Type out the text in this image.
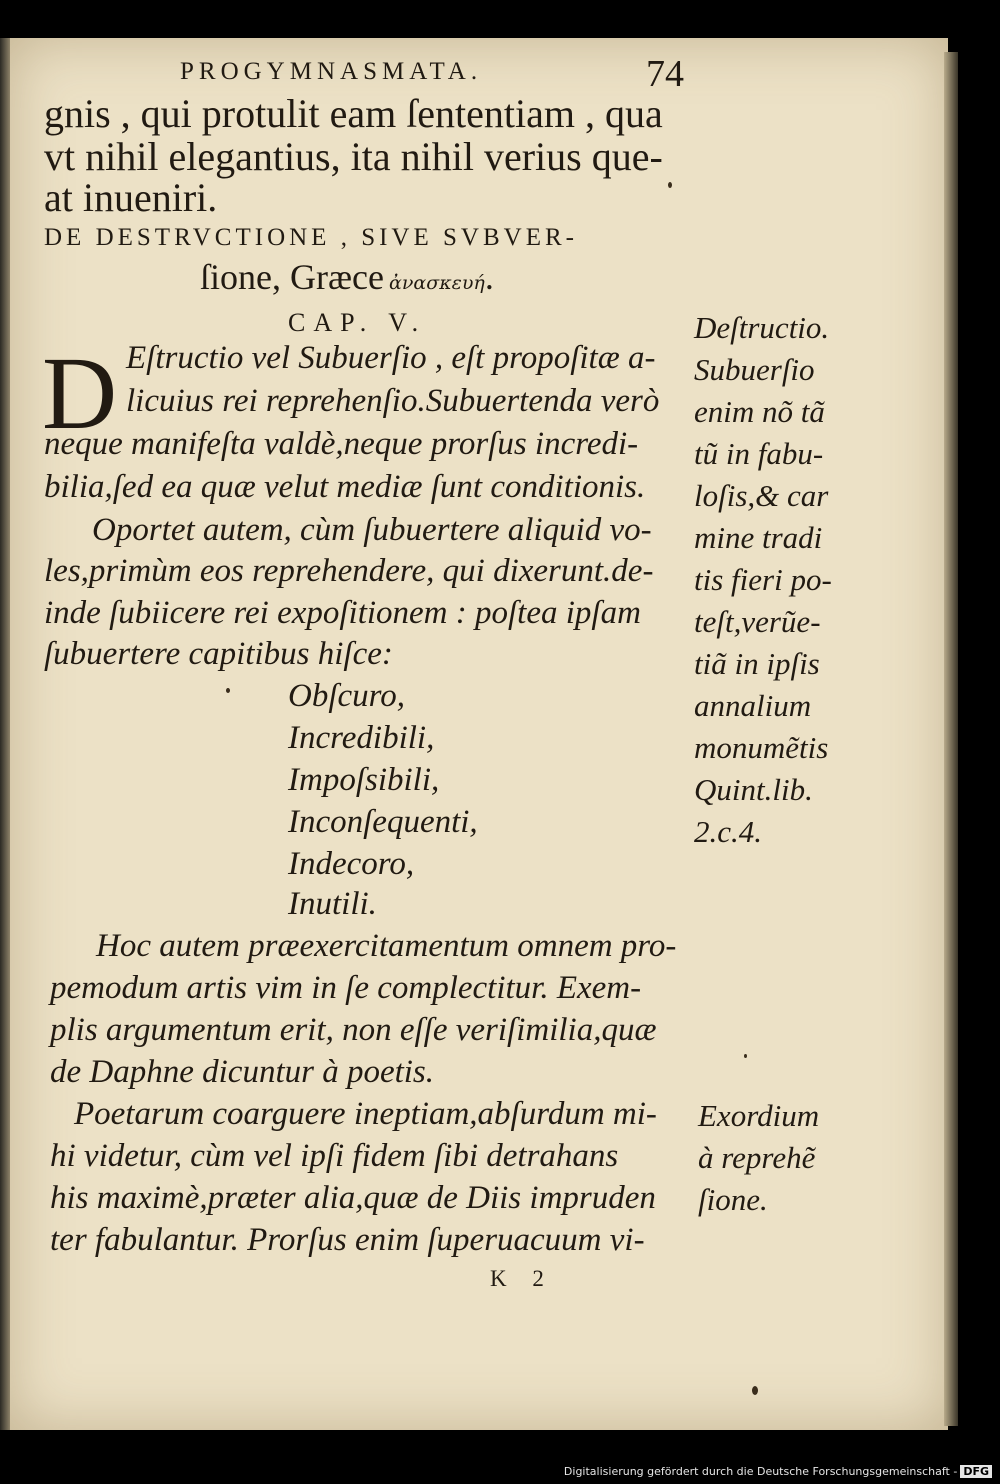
PROGYMNASMATA.	74
gnis , qui protulit eam ſententiam , qua
vt nihil elegantius, ita nihil verius que-
at inueniri.
DE DESTRVCTIONE , SIVE SVBVER-
ſione, Græce ἀνασκευή.
CAP. V.
D Eſtructio vel Subuerſio , eſt propoſitæ a-
licuius rei reprehenſio.Subuertenda verò
neque manifeſta valdè,neque prorſus incredi-
bilia,ſed ea quæ velut mediæ ſunt conditionis.
Oportet autem, cùm ſubuertere aliquid vo-
les,primùm eos reprehendere, qui dixerunt.de-
inde ſubiicere rei expoſitionem : poſtea ipſam
ſubuertere capitibus hiſce:
Obſcuro,
Incredibili,
Impoſsibili,
Inconſequenti,
Indecoro,
Inutili.
Hoc autem præexercitamentum omnem pro-
pemodum artis vim in ſe complectitur. Exem-
plis argumentum erit, non eſſe veriſimilia,quæ
de Daphne dicuntur à poetis.
Poetarum coarguere ineptiam,abſurdum mi-
hi videtur, cùm vel ipſi fidem ſibi detrahans
his maximè,præter alia,quæ de Diis impruden
ter fabulantur. Prorſus enim ſuperuacuum vi-
K 2
Deſtructio.
Subuerſio
enim nõ tã
tũ in fabu-
loſis,& car
mine tradi
tis fieri po-
teſt,verũe-
tiã in ipſis
annalium
monumẽtis
Quint.lib.
2.c.4.
Exordium
à reprehẽ
ſione.
Digitalisierung gefördert durch die Deutsche Forschungsgemeinschaft - DFG
